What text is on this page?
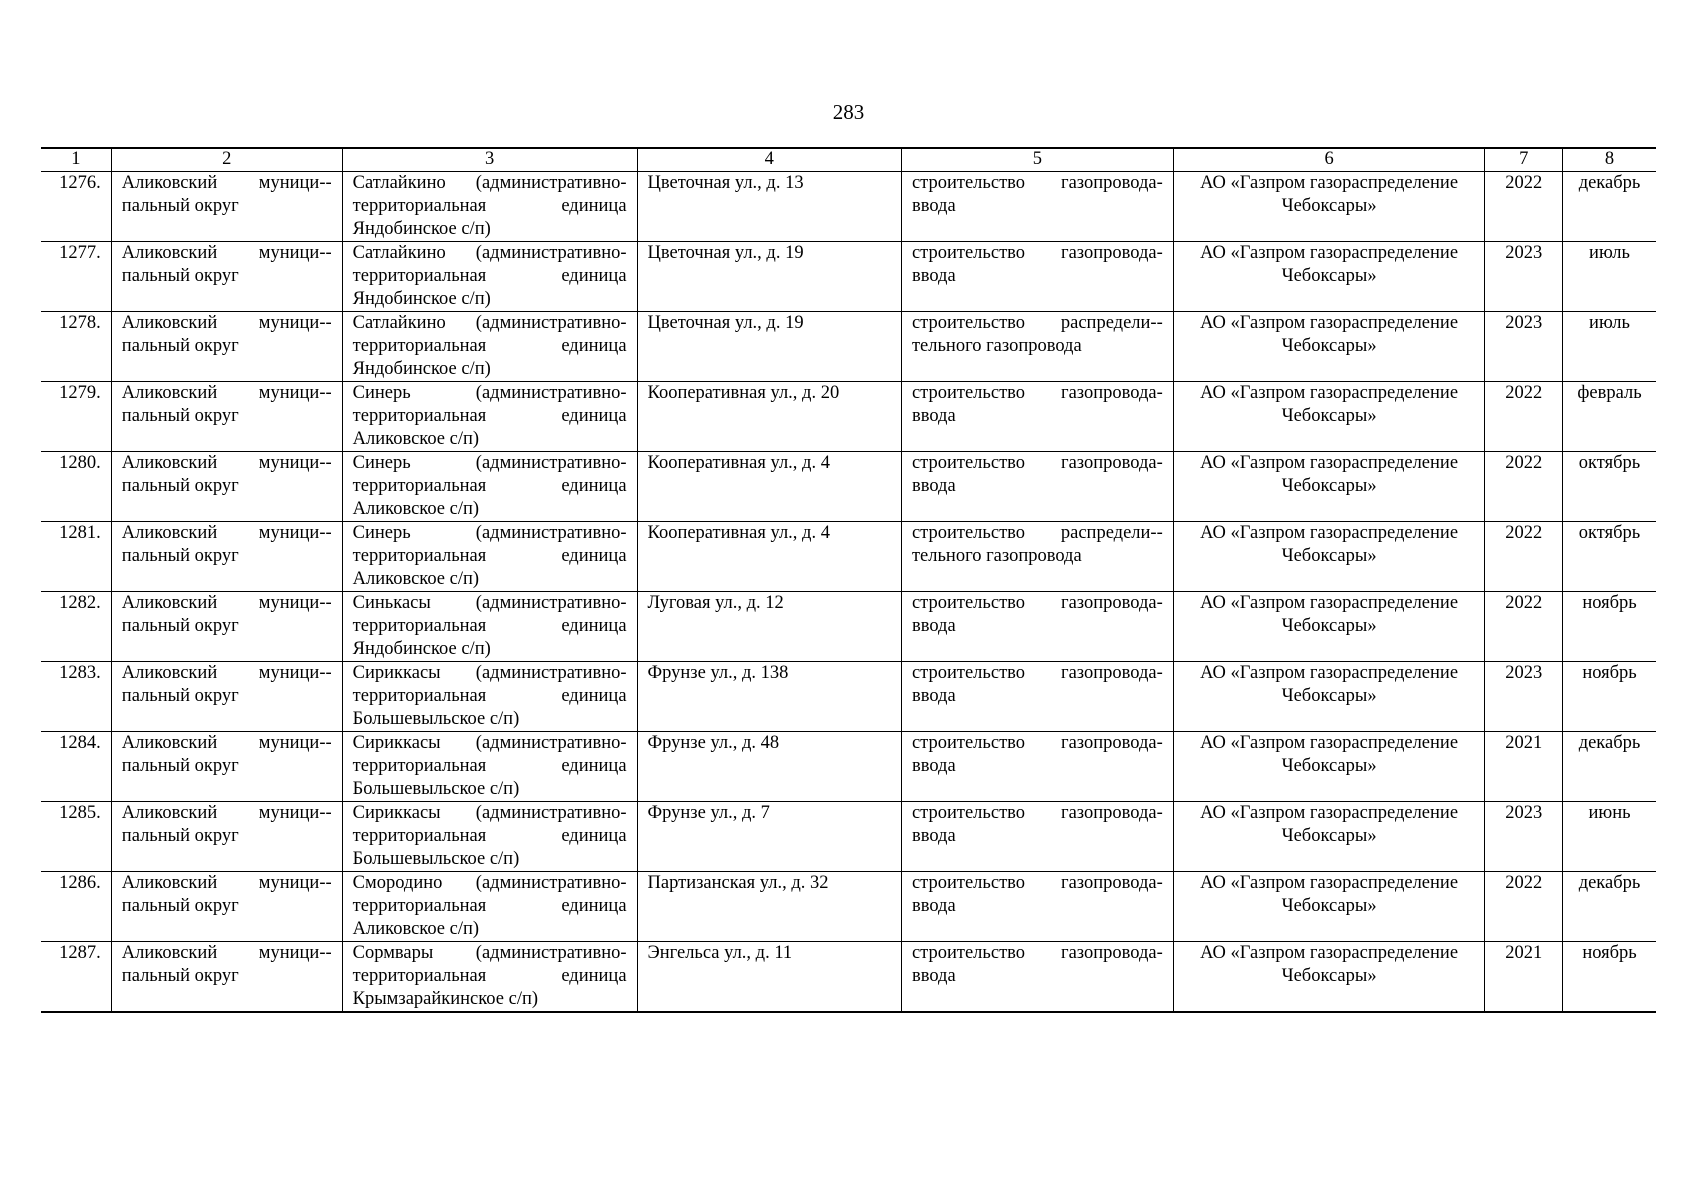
283
1	2	3	4	5	6	7	8
1276.	Аликовский муници-пальный округ	Сатлайкино (административно-территориальная единица Яндобинское с/п)	Цветочная ул., д. 13	строительство газопровода-ввода	АО «Газпром газораспределение Чебоксары»	2022	декабрь
1277.	Аликовский муници-пальный округ	Сатлайкино (административно-территориальная единица Яндобинское с/п)	Цветочная ул., д. 19	строительство газопровода-ввода	АО «Газпром газораспределение Чебоксары»	2023	июль
1278.	Аликовский муници-пальный округ	Сатлайкино (административно-территориальная единица Яндобинское с/п)	Цветочная ул., д. 19	строительство распредели-тельного газопровода	АО «Газпром газораспределение Чебоксары»	2023	июль
1279.	Аликовский муници-пальный округ	Синерь (административно-территориальная единица Аликовское с/п)	Кооперативная ул., д. 20	строительство газопровода-ввода	АО «Газпром газораспределение Чебоксары»	2022	февраль
1280.	Аликовский муници-пальный округ	Синерь (административно-территориальная единица Аликовское с/п)	Кооперативная ул., д. 4	строительство газопровода-ввода	АО «Газпром газораспределение Чебоксары»	2022	октябрь
1281.	Аликовский муници-пальный округ	Синерь (административно-территориальная единица Аликовское с/п)	Кооперативная ул., д. 4	строительство распредели-тельного газопровода	АО «Газпром газораспределение Чебоксары»	2022	октябрь
1282.	Аликовский муници-пальный округ	Синькасы (административно-территориальная единица Яндобинское с/п)	Луговая ул., д. 12	строительство газопровода-ввода	АО «Газпром газораспределение Чебоксары»	2022	ноябрь
1283.	Аликовский муници-пальный округ	Сириккасы (административно-территориальная единица Большевыльское с/п)	Фрунзе ул., д. 138	строительство газопровода-ввода	АО «Газпром газораспределение Чебоксары»	2023	ноябрь
1284.	Аликовский муници-пальный округ	Сириккасы (административно-территориальная единица Большевыльское с/п)	Фрунзе ул., д. 48	строительство газопровода-ввода	АО «Газпром газораспределение Чебоксары»	2021	декабрь
1285.	Аликовский муници-пальный округ	Сириккасы (административно-территориальная единица Большевыльское с/п)	Фрунзе ул., д. 7	строительство газопровода-ввода	АО «Газпром газораспределение Чебоксары»	2023	июнь
1286.	Аликовский муници-пальный округ	Смородино (административно-территориальная единица Аликовское с/п)	Партизанская ул., д. 32	строительство газопровода-ввода	АО «Газпром газораспределение Чебоксары»	2022	декабрь
1287.	Аликовский муници-пальный округ	Сормвары (административно-территориальная единица Крымзарайкинское с/п)	Энгельса ул., д. 11	строительство газопровода-ввода	АО «Газпром газораспределение Чебоксары»	2021	ноябрь
